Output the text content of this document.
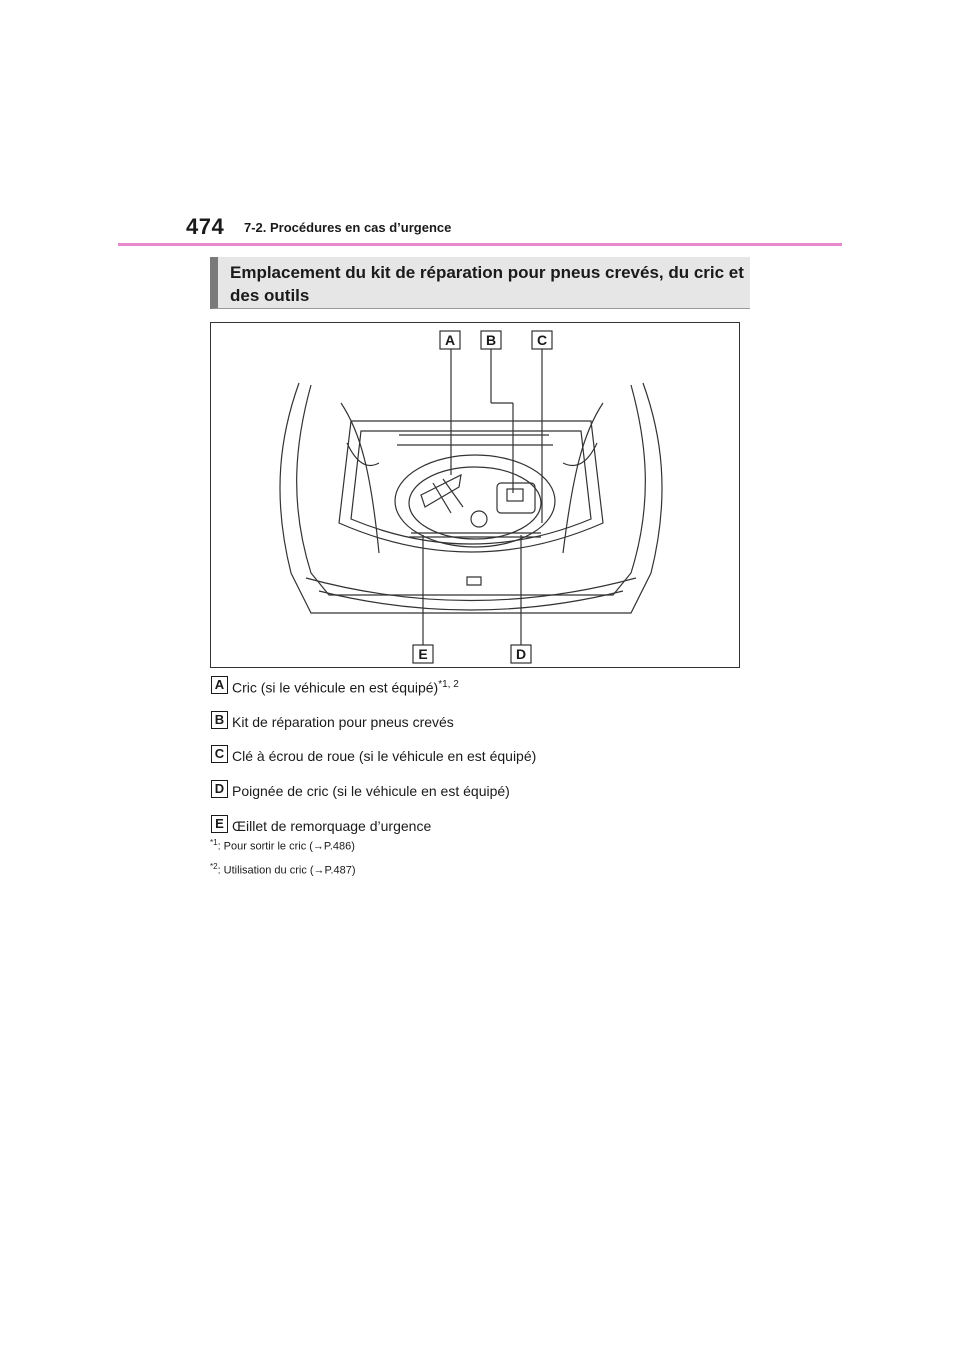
474 7-2. Procédures en cas d’urgence
Emplacement du kit de réparation pour pneus crevés, du cric et des outils
A B	C
E	D
A Cric (si le véhicule en est équipé)$^{*1, 2}$
B Kit de réparation pour pneus crevés
C Clé à écrou de roue (si le véhicule en est équipé)
D Poignée de cric (si le véhicule en est équipé)
E Œillet de remorquage d’urgence
$^{*1}$: Pour sortir le cric (→P.486)
$^{*2}$: Utilisation du cric (→P.487)
